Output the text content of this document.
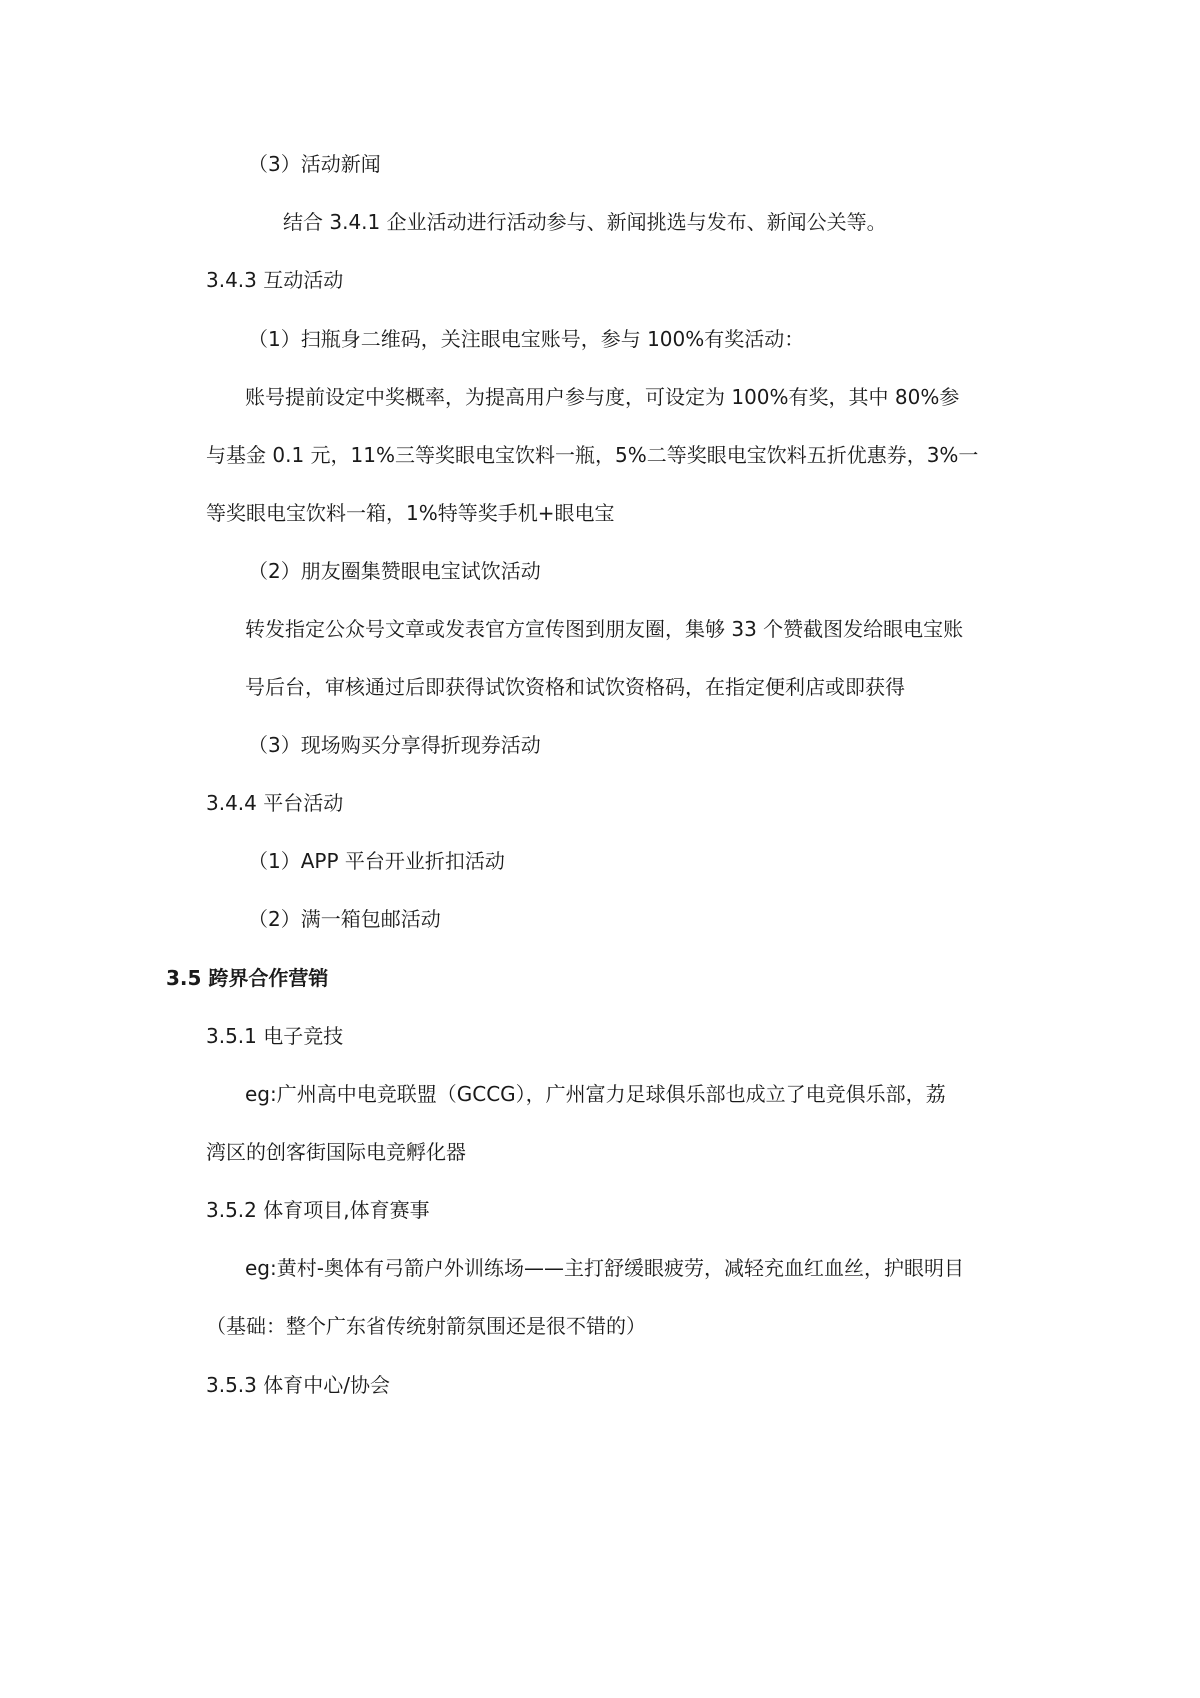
（3）活动新闻
结合 3.4.1 企业活动进行活动参与、新闻挑选与发布、新闻公关等。
3.4.3 互动活动
（1）扫瓶身二维码，关注眼电宝账号，参与 100%有奖活动：
账号提前设定中奖概率，为提高用户参与度，可设定为 100%有奖，其中 80%参
与基金 0.1 元，11%三等奖眼电宝饮料一瓶，5%二等奖眼电宝饮料五折优惠券，3%一
等奖眼电宝饮料一箱，1%特等奖手机+眼电宝
（2）朋友圈集赞眼电宝试饮活动
转发指定公众号文章或发表官方宣传图到朋友圈，集够 33 个赞截图发给眼电宝账
号后台，审核通过后即获得试饮资格和试饮资格码，在指定便利店或即获得
（3）现场购买分享得折现券活动
3.4.4 平台活动
（1）APP 平台开业折扣活动
（2）满一箱包邮活动
3.5 跨界合作营销
3.5.1 电子竞技
eg:广州高中电竞联盟（GCCG），广州富力足球俱乐部也成立了电竞俱乐部，荔
湾区的创客街国际电竞孵化器
3.5.2 体育项目,体育赛事
eg:黄村-奥体有弓箭户外训练场——主打舒缓眼疲劳，减轻充血红血丝，护眼明目
（基础：整个广东省传统射箭氛围还是很不错的）
3.5.3 体育中心/协会
